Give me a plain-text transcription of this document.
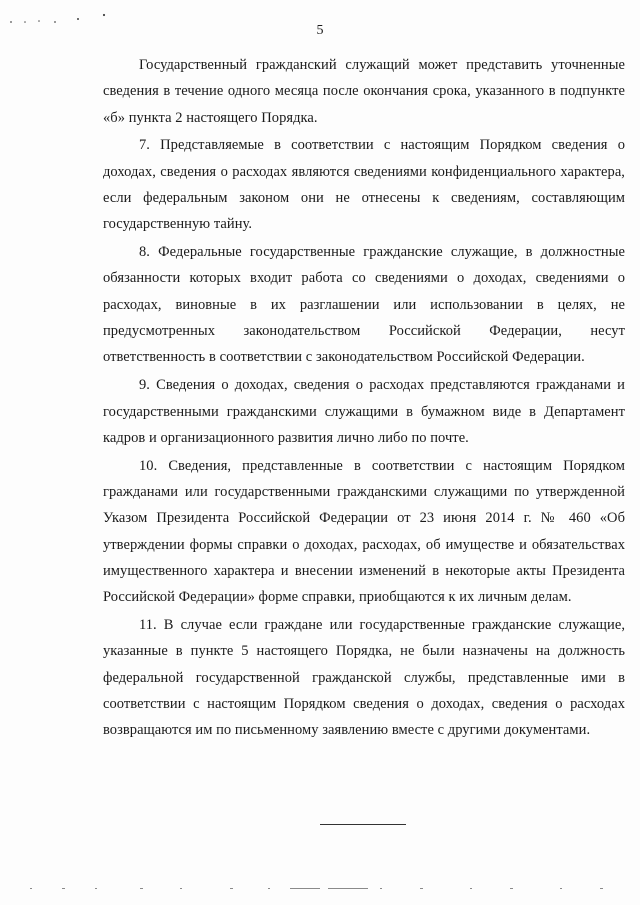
5

Государственный гражданский служащий может представить уточненные сведения в течение одного месяца после окончания срока, указанного в подпункте «б» пункта 2 настоящего Порядка.

7. Представляемые в соответствии с настоящим Порядком сведения о доходах, сведения о расходах являются сведениями конфиденциального характера, если федеральным законом они не отнесены к сведениям, составляющим государственную тайну.

8. Федеральные государственные гражданские служащие, в должностные обязанности которых входит работа со сведениями о доходах, сведениями о расходах, виновные в их разглашении или использовании в целях, не предусмотренных законодательством Российской Федерации, несут ответственность в соответствии с законодательством Российской Федерации.

9. Сведения о доходах, сведения о расходах представляются гражданами и государственными гражданскими служащими в бумажном виде в Департамент кадров и организационного развития лично либо по почте.

10. Сведения, представленные в соответствии с настоящим Порядком гражданами или государственными гражданскими служащими по утвержденной Указом Президента Российской Федерации от 23 июня 2014 г. № 460 «Об утверждении формы справки о доходах, расходах, об имуществе и обязательствах имущественного характера и внесении изменений в некоторые акты Президента Российской Федерации» форме справки, приобщаются к их личным делам.

11. В случае если граждане или государственные гражданские служащие, указанные в пункте 5 настоящего Порядка, не были назначены на должность федеральной государственной гражданской службы, представленные ими в соответствии с настоящим Порядком сведения о доходах, сведения о расходах возвращаются им по письменному заявлению вместе с другими документами.
